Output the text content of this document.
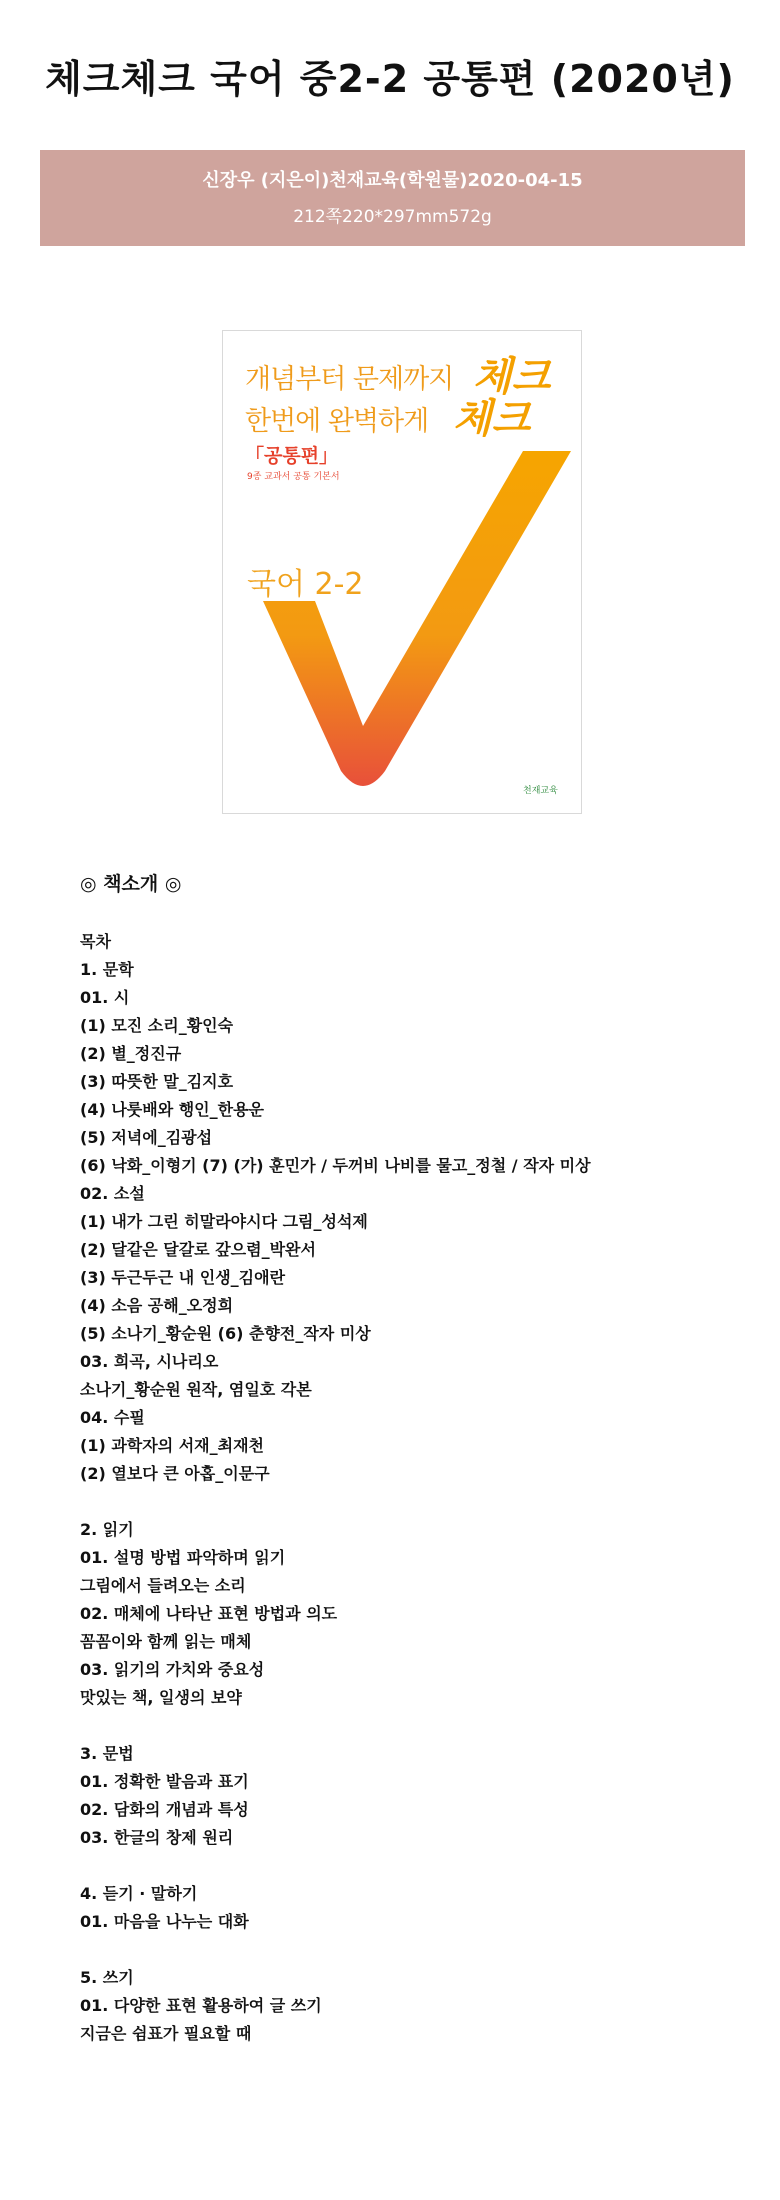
체크체크 국어 중2-2 공통편 (2020년)
신장우 (지은이)천재교육(학원물)2020-04-15
212쪽220*297mm572g
개념부터 문제까지
한번에 완벽하게
체크
체크
「공통편」
9종 교과서 공통 기본서
국어 2-2
천재교육
◎ 책소개 ◎
목차
1. 문학
01. 시
(1) 모진 소리_황인숙
(2) 별_정진규
(3) 따뜻한 말_김지호
(4) 나룻배와 행인_한용운
(5) 저녁에_김광섭
(6) 낙화_이형기 (7) (가) 훈민가 / 두꺼비 나비를 물고_정철 / 작자 미상
02. 소설
(1) 내가 그린 히말라야시다 그림_성석제
(2) 달같은 달갈로 갚으렴_박완서
(3) 두근두근 내 인생_김애란
(4) 소음 공해_오정희
(5) 소나기_황순원 (6) 춘향전_작자 미상
03. 희곡, 시나리오
소나기_황순원 원작, 염일호 각본
04. 수필
(1) 과학자의 서재_최재천
(2) 열보다 큰 아홉_이문구
2. 읽기
01. 설명 방법 파악하며 읽기
그림에서 들려오는 소리
02. 매체에 나타난 표현 방법과 의도
꼼꼼이와 함께 읽는 매체
03. 읽기의 가치와 중요성
맛있는 책, 일생의 보약
3. 문법
01. 정확한 발음과 표기
02. 담화의 개념과 특성
03. 한글의 창제 원리
4. 듣기 · 말하기
01. 마음을 나누는 대화
5. 쓰기
01. 다양한 표현 활용하여 글 쓰기
지금은 쉼표가 필요할 때
